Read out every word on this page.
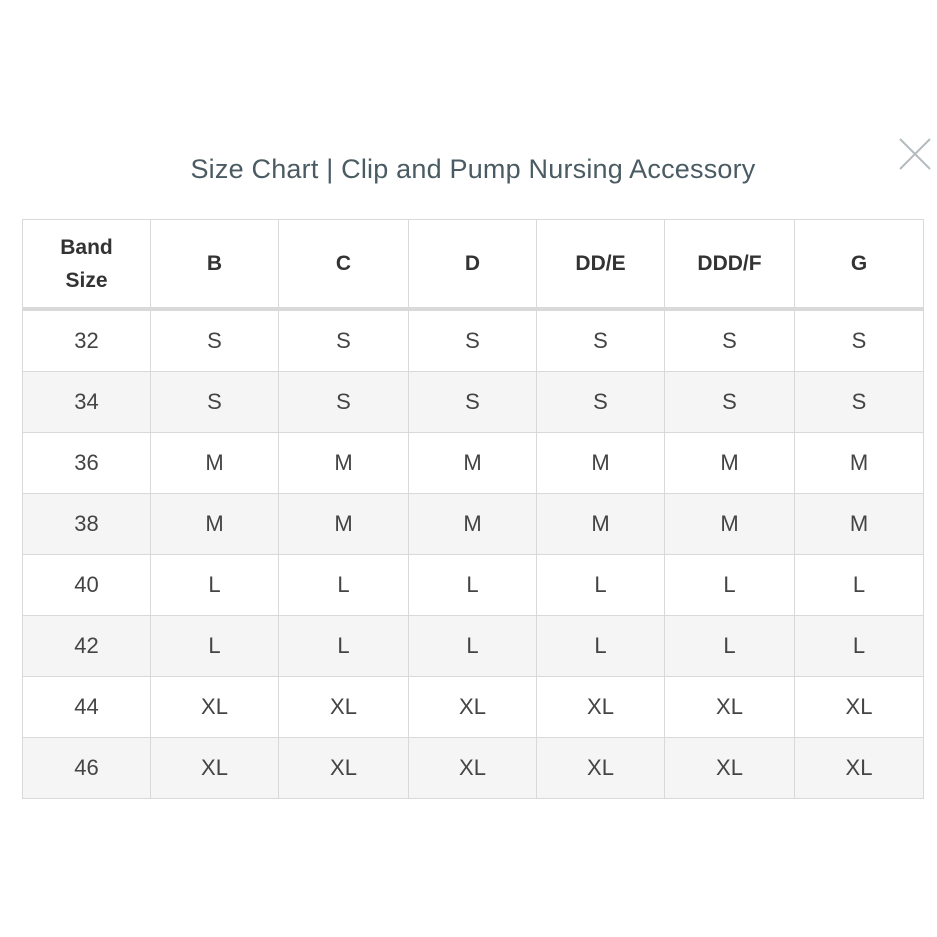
Size Chart | Clip and Pump Nursing Accessory
Band
Size	B	C	D	DD/E	DDD/F	G
32	S	S	S	S	S	S
34	S	S	S	S	S	S
36	M	M	M	M	M	M
38	M	M	M	M	M	M
40	L	L	L	L	L	L
42	L	L	L	L	L	L
44	XL	XL	XL	XL	XL	XL
46	XL	XL	XL	XL	XL	XL
